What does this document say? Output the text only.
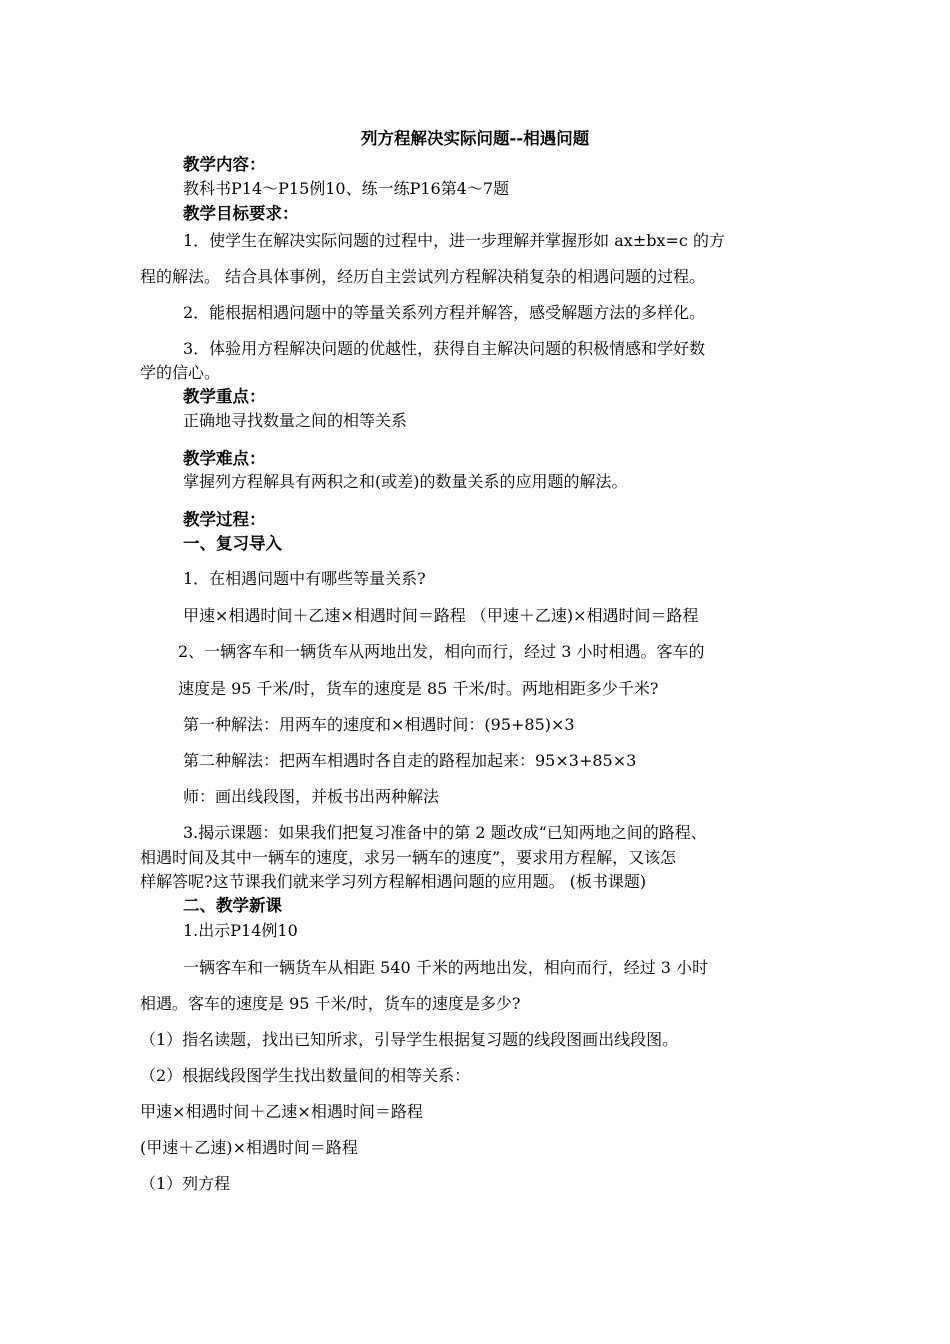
列方程解决实际问题--相遇问题
教学内容：
教科书P14～P15例10、练一练P16第4～7题
教学目标要求：
1．使学生在解决实际问题的过程中，进一步理解并掌握形如 ax±bx=c 的方
程的解法。 结合具体事例，经历自主尝试列方程解决稍复杂的相遇问题的过程。
2．能根据相遇问题中的等量关系列方程并解答，感受解题方法的多样化。
3．体验用方程解决问题的优越性，获得自主解决问题的积极情感和学好数
学的信心。
教学重点：
正确地寻找数量之间的相等关系
教学难点：
掌握列方程解具有两积之和(或差)的数量关系的应用题的解法。
教学过程：
一、复习导入
1．在相遇问题中有哪些等量关系?
甲速×相遇时间＋乙速×相遇时间＝路程 （甲速＋乙速)×相遇时间＝路程
2、一辆客车和一辆货车从两地出发，相向而行，经过 3 小时相遇。客车的
速度是 95 千米/时，货车的速度是 85 千米/时。两地相距多少千米?
第一种解法：用两车的速度和×相遇时间：(95+85)×3
第二种解法：把两车相遇时各自走的路程加起来：95×3+85×3
师：画出线段图，并板书出两种解法
3.揭示课题：如果我们把复习准备中的第 2 题改成“已知两地之间的路程、
相遇时间及其中一辆车的速度，求另一辆车的速度”，要求用方程解，又该怎
样解答呢?这节课我们就来学习列方程解相遇问题的应用题。 (板书课题)
二、教学新课
1.出示P14例10
一辆客车和一辆货车从相距 540 千米的两地出发，相向而行，经过 3 小时
相遇。客车的速度是 95 千米/时，货车的速度是多少?
（1）指名读题，找出已知所求，引导学生根据复习题的线段图画出线段图。
（2）根据线段图学生找出数量间的相等关系：
甲速×相遇时间＋乙速×相遇时间＝路程
(甲速＋乙速)×相遇时间＝路程
（1）列方程
